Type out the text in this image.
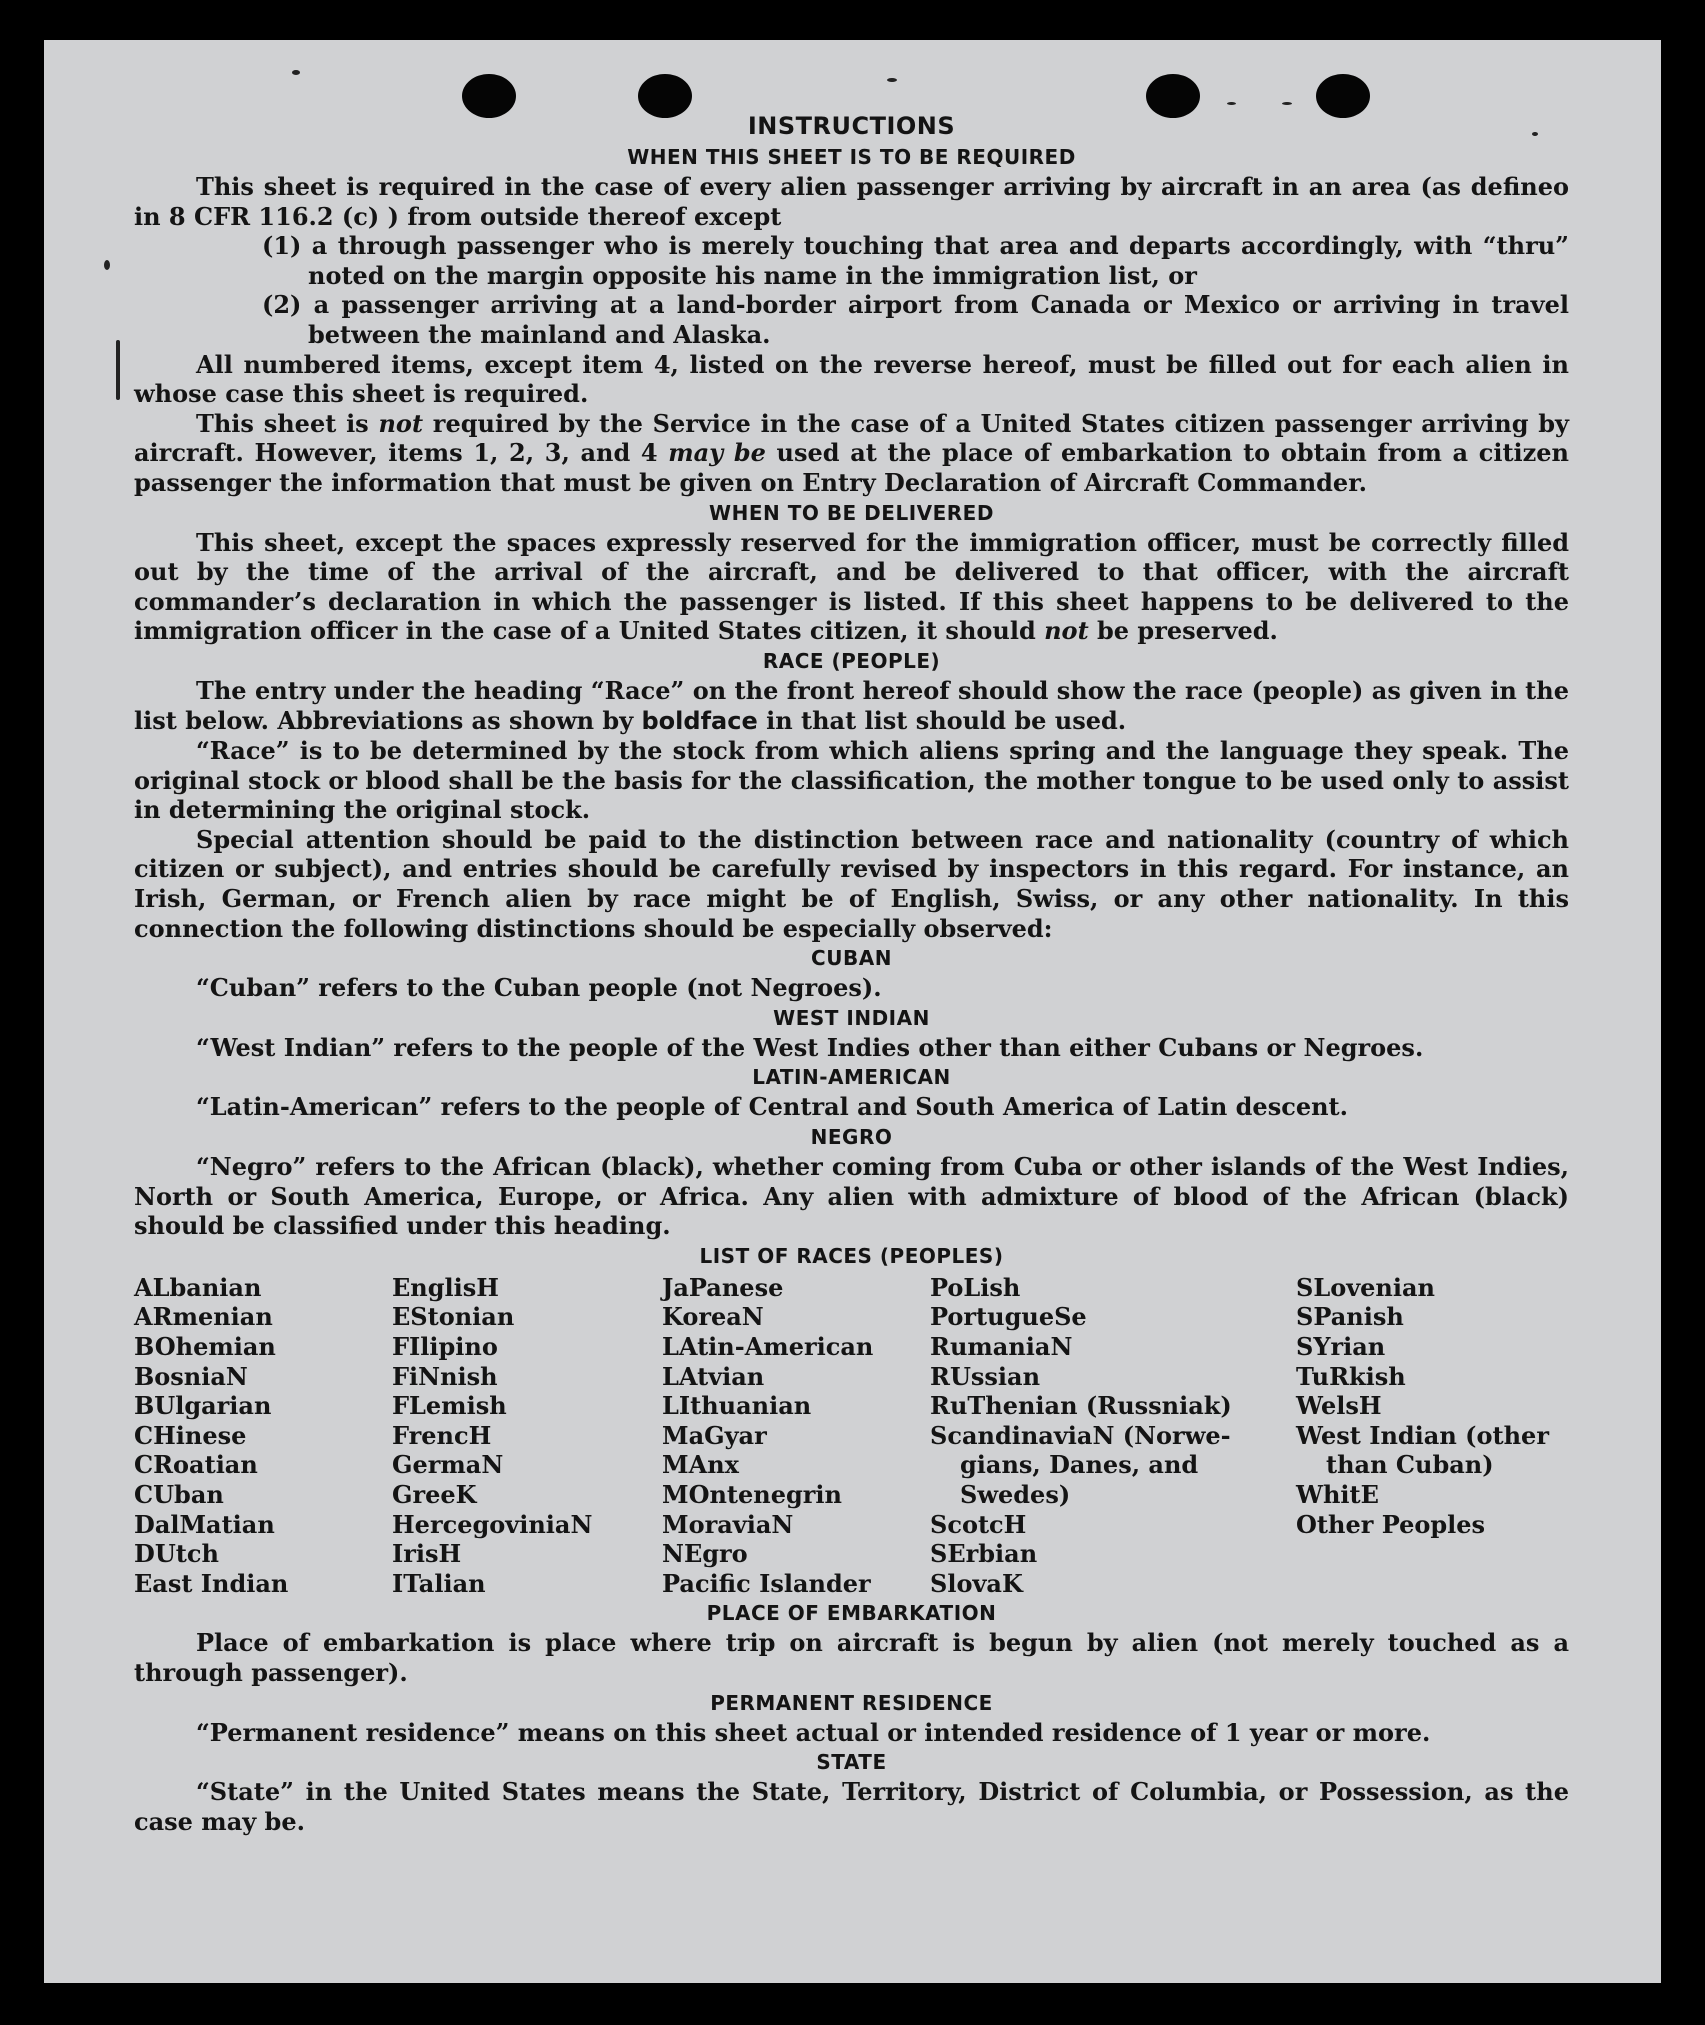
INSTRUCTIONS

WHEN THIS SHEET IS TO BE REQUIRED

This sheet is required in the case of every alien passenger arriving by aircraft in an area (as defineo in 8 CFR 116.2 (c) ) from outside thereof except

(1) a through passenger who is merely touching that area and departs accordingly, with “thru” noted on the margin opposite his name in the immigration list, or

(2) a passenger arriving at a land-border airport from Canada or Mexico or arriving in travel between the mainland and Alaska.

All numbered items, except item 4, listed on the reverse hereof, must be filled out for each alien in whose case this sheet is required.

This sheet is not required by the Service in the case of a United States citizen passenger arriving by aircraft. However, items 1, 2, 3, and 4 may be used at the place of embarkation to obtain from a citizen passenger the information that must be given on Entry Declaration of Aircraft Commander.

WHEN TO BE DELIVERED

This sheet, except the spaces expressly reserved for the immigration officer, must be correctly filled out by the time of the arrival of the aircraft, and be delivered to that officer, with the aircraft commander’s declaration in which the passenger is listed. If this sheet happens to be delivered to the immigration officer in the case of a United States citizen, it should not be preserved.

RACE (PEOPLE)

The entry under the heading “Race” on the front hereof should show the race (people) as given in the list below. Abbreviations as shown by boldface in that list should be used.

“Race” is to be determined by the stock from which aliens spring and the language they speak. The original stock or blood shall be the basis for the classification, the mother tongue to be used only to assist in determining the original stock.

Special attention should be paid to the distinction between race and nationality (country of which citizen or subject), and entries should be carefully revised by inspectors in this regard. For instance, an Irish, German, or French alien by race might be of English, Swiss, or any other nationality. In this connection the following distinctions should be especially observed:

CUBAN

“Cuban” refers to the Cuban people (not Negroes).

WEST INDIAN

“West Indian” refers to the people of the West Indies other than either Cubans or Negroes.

LATIN-AMERICAN

“Latin-American” refers to the people of Central and South America of Latin descent.

NEGRO

“Negro” refers to the African (black), whether coming from Cuba or other islands of the West Indies, North or South America, Europe, or Africa. Any alien with admixture of blood of the African (black) should be classified under this heading.

LIST OF RACES (PEOPLES)

ALbanian
ARmenian
BOhemian
BosniaN
BUlgarian
CHinese
CRoatian
CUban
DalMatian
DUtch
East Indian
EnglisH
EStonian
FIlipino
FiNnish
FLemish
FrencH
GermaN
GreeK
HercegoviniaN
IrisH
ITalian
JaPanese
KoreaN
LAtin-American
LAtvian
LIthuanian
MaGyar
MAnx
MOntenegrin
MoraviaN
NEgro
Pacific Islander
PoLish
PortugueSe
RumaniaN
RUssian
RuThenian (Russniak)
ScandinaviaN (Norwe-
gians, Danes, and
Swedes)
ScotcH
SErbian
SlovaK
SLovenian
SPanish
SYrian
TuRkish
WelsH
West Indian (other
than Cuban)
WhitE
Other Peoples

PLACE OF EMBARKATION

Place of embarkation is place where trip on aircraft is begun by alien (not merely touched as a through passenger).

PERMANENT RESIDENCE

“Permanent residence” means on this sheet actual or intended residence of 1 year or more.

STATE

“State” in the United States means the State, Territory, District of Columbia, or Possession, as the case may be.
